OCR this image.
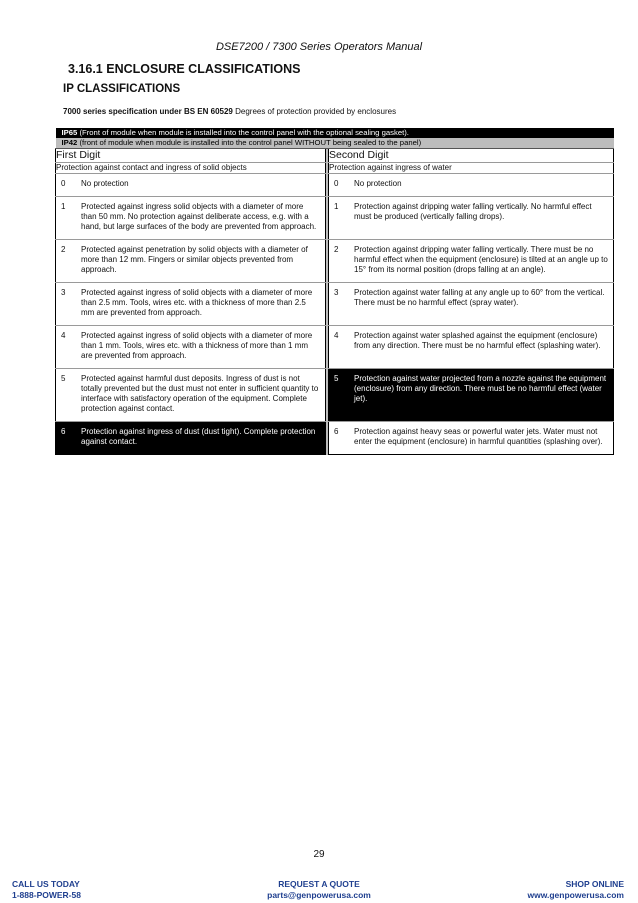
DSE7200 / 7300 Series Operators Manual
3.16.1 ENCLOSURE CLASSIFICATIONS
IP CLASSIFICATIONS
7000 series specification under BS EN 60529 Degrees of protection provided by enclosures
IP65 (Front of module when module is installed into the control panel with the optional sealing gasket).		
IP42 (front of module when module is installed into the control panel WITHOUT being sealed to the panel)		
First Digit		Second Digit
Protection against contact and ingress of solid objects		Protection against ingress of water

0 No protection		0 No protection

1 Protected against ingress solid objects with a diameter of more than 50 mm. No protection against deliberate access, e.g. with a hand, but large surfaces of the body are prevented from approach.		1 Protection against dripping water falling vertically. No harmful effect must be produced (vertically falling drops).

2 Protected against penetration by solid objects with a diameter of more than 12 mm. Fingers or similar objects prevented from approach.		2 Protection against dripping water falling vertically. There must be no harmful effect when the equipment (enclosure) is tilted at an angle up to 15° from its normal position (drops falling at an angle).

3 Protected against ingress of solid objects with a diameter of more than 2.5 mm. Tools, wires etc. with a thickness of more than 2.5 mm are prevented from approach.		3 Protection against water falling at any angle up to 60° from the vertical. There must be no harmful effect (spray water).

4 Protected against ingress of solid objects with a diameter of more than 1 mm. Tools, wires etc. with a thickness of more than 1 mm are prevented from approach.		4 Protection against water splashed against the equipment (enclosure) from any direction. There must be no harmful effect (splashing water).

5 Protected against harmful dust deposits. Ingress of dust is not totally prevented but the dust must not enter in sufficient quantity to interface with satisfactory operation of the equipment. Complete protection against contact.		5 Protection against water projected from a nozzle against the equipment (enclosure) from any direction. There must be no harmful effect (water jet).

6 Protection against ingress of dust (dust tight). Complete protection against contact.		6 Protection against heavy seas or powerful water jets. Water must not enter the equipment (enclosure) in harmful quantities (splashing over).
29
CALL US TODAY
1-888-POWER-58
REQUEST A QUOTE
parts@genpowerusa.com
SHOP ONLINE
www.genpowerusa.com
